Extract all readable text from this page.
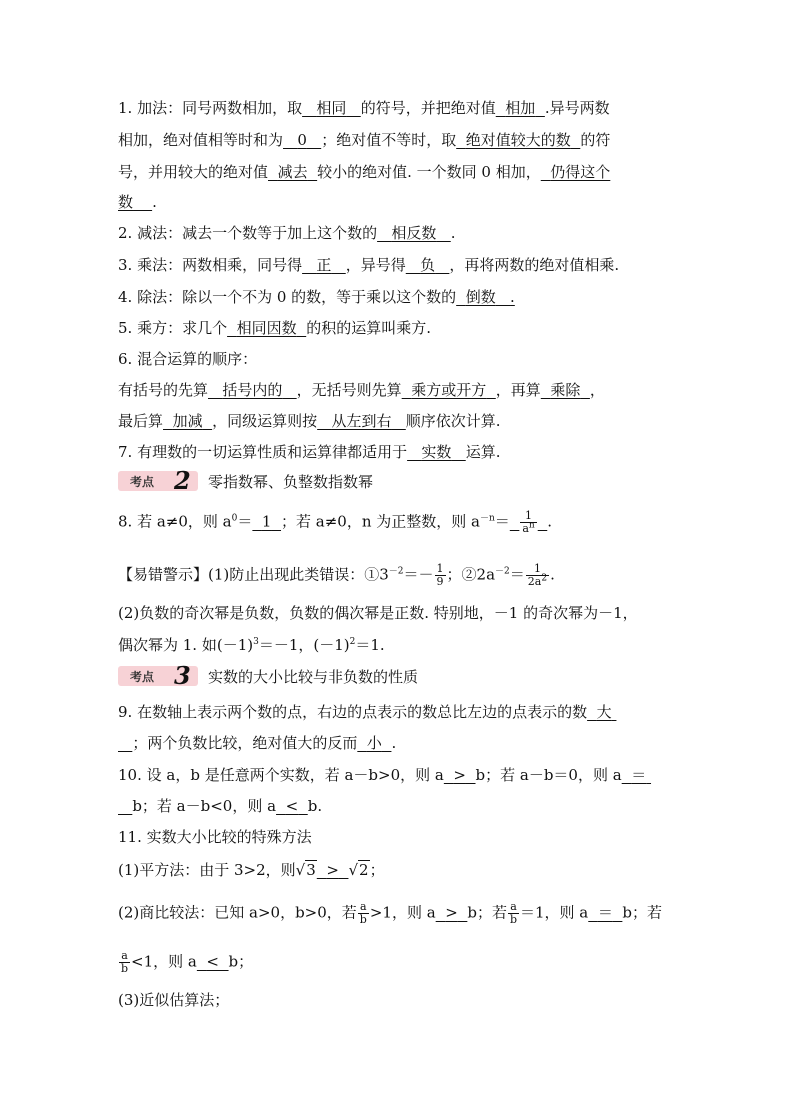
1. 加法：同号两数相加，取 相同 的符号，并把绝对值 相加 .异号两数
相加，绝对值相等时和为 0 ；绝对值不等时，取 绝对值较大的数 的符
号，并用较大的绝对值 减去 较小的绝对值. 一个数同 0 相加， 仍得这个
数 .
2. 减法：减去一个数等于加上这个数的 相反数 .
3. 乘法：两数相乘，同号得 正 ，异号得 负 ，再将两数的绝对值相乘.
4. 除法：除以一个不为 0 的数，等于乘以这个数的 倒数 .
5. 乘方：求几个 相同因数 的积的运算叫乘方.
6. 混合运算的顺序：
有括号的先算 括号内的 ，无括号则先算 乘方或开方 ，再算 乘除 ，
最后算 加减 ，同级运算则按 从左到右 顺序依次计算.
7. 有理数的一切运算性质和运算律都适用于 实数 运算.
考点 2 零指数幂、负整数指数幂
8. 若 a≠0，则 $a^0= 1$ ；若 a≠0，n 为正整数，则 $a^{-n}= \frac{1}{a^n}$ .
【易错警示】(1)防止出现此类错误：$①3^{-2}=- \frac{1}{9}$ ；$②2a^{-2}= \frac{1}{2a^2}$ .
(2)负数的奇次幂是负数，负数的偶次幂是正数. 特别地，－1 的奇次幂为－1，
偶次幂为 1. 如$(-1)^3=-1$，$(-1)^2=1$.
考点 3 实数的大小比较与非负数的性质
9. 在数轴上表示两个数的点，右边的点表示的数总比左边的点表示的数 大
；两个负数比较，绝对值大的反而 小 .
10. 设 a，b 是任意两个实数，若 a－b>0，则 a > b；若 a－b＝0，则 a ＝
b；若 a－b<0，则 a < b.
11. 实数大小比较的特殊方法
(1)平方法：由于 3>2，则√3 > √2；
(2)商比较法：已知 a>0，b>0，若 $\frac{a}{b} >1$，则 a > b；若 $\frac{a}{b} =1$，则 a ＝ b；若
$\frac{a}{b} <1$，则 a < b；
(3)近似估算法；
